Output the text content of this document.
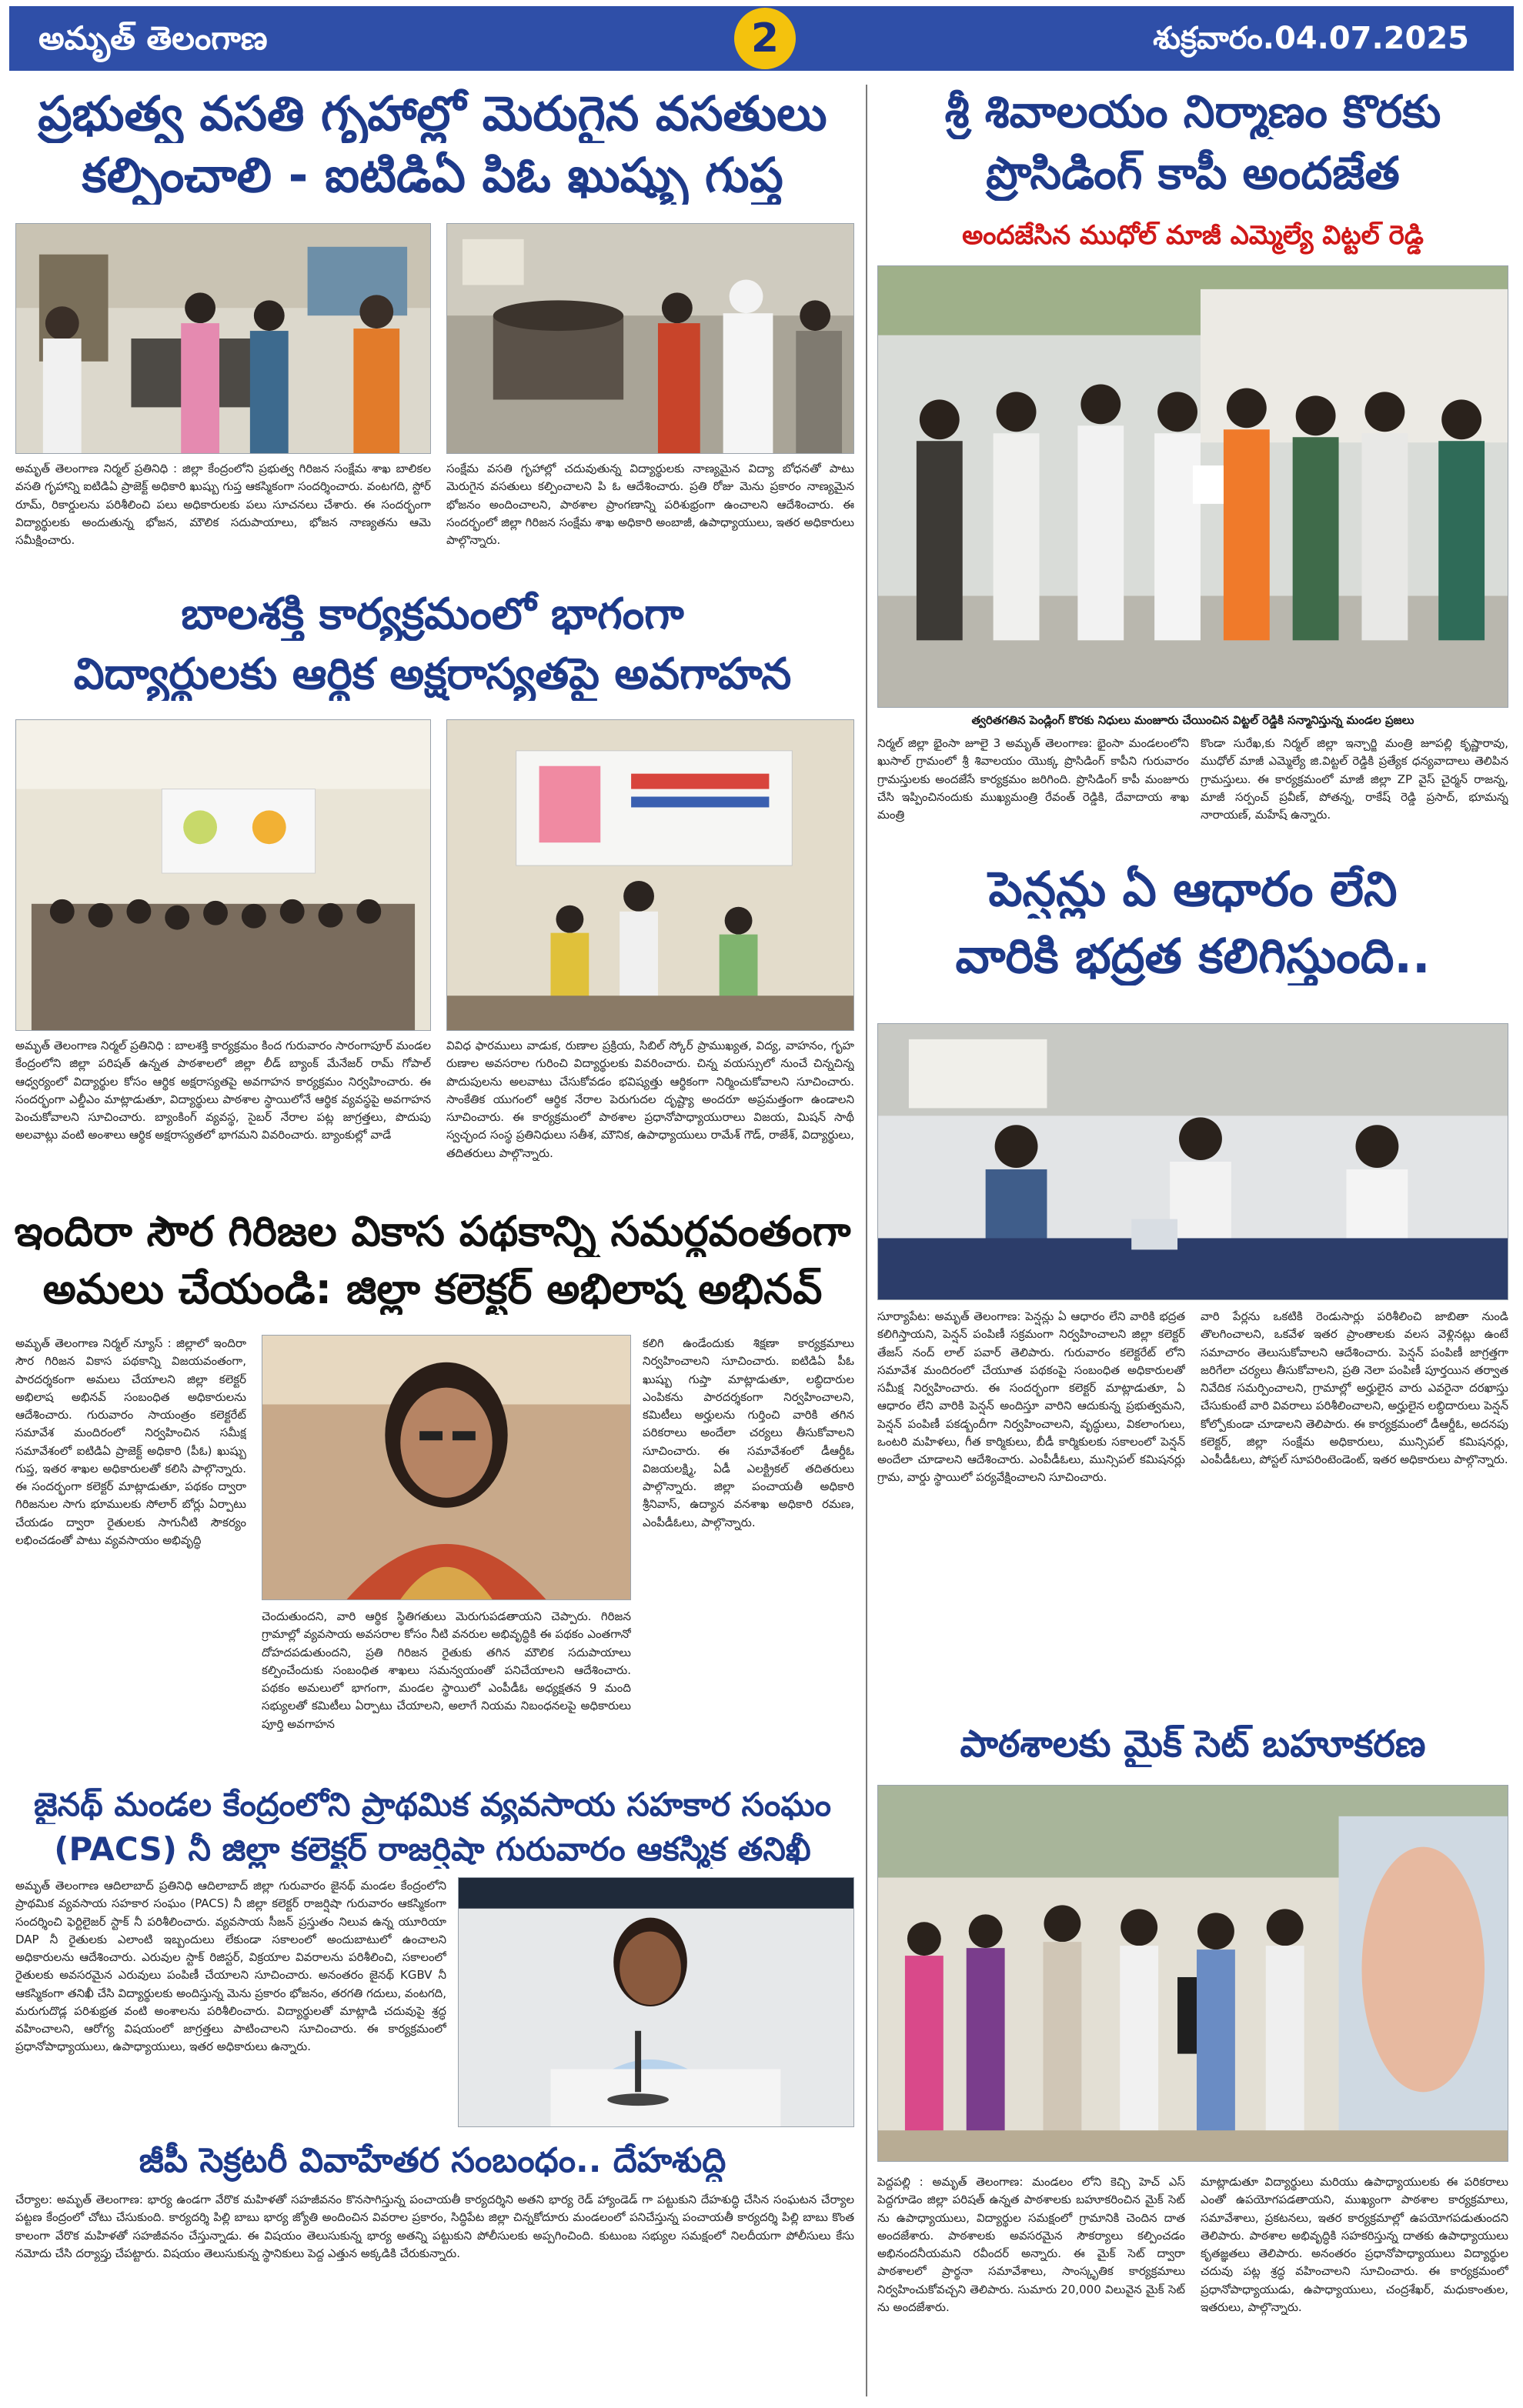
అమృత్ తెలంగాణ	2	శుక్రవారం.04.07.2025
ప్రభుత్వ వసతి గృహాల్లో మెరుగైన వసతులు
కల్పించాలి - ఐటిడిఏ పిఓ ఖుష్బు గుప్త
అమృత్ తెలంగాణ నిర్మల్ ప్రతినిధి : జిల్లా కేంద్రంలోని ప్రభుత్వ గిరిజన సంక్షేమ శాఖ బాలికల వసతి గృహాన్ని ఐటిడిఏ ప్రాజెక్ట్ అధికారి ఖుష్బు గుప్త ఆకస్మికంగా సందర్శించారు. వంటగది, స్టోర్ రూమ్, రికార్డులను పరిశీలించి పలు అధికారులకు పలు సూచనలు చేశారు. ఈ సందర్భంగా విద్యార్థులకు అందుతున్న భోజన, మౌలిక సదుపాయాలు, భోజన నాణ్యతను ఆమె సమీక్షించారు.
సంక్షేమ వసతి గృహాల్లో చదువుతున్న విద్యార్థులకు నాణ్యమైన విద్యా బోధనతో పాటు మెరుగైన వసతులు కల్పించాలని పి ఓ ఆదేశించారు. ప్రతి రోజు మెను ప్రకారం నాణ్యమైన భోజనం అందించాలని, పాఠశాల ప్రాంగణాన్ని పరిశుభ్రంగా ఉంచాలని ఆదేశించారు. ఈ సందర్భంలో జిల్లా గిరిజన సంక్షేమ శాఖ అధికారి అంబాజీ, ఉపాధ్యాయులు, ఇతర అధికారులు పాల్గొన్నారు.
బాలశక్తి కార్యక్రమంలో భాగంగా
విద్యార్థులకు ఆర్థిక అక్షరాస్యతపై అవగాహన
అమృత్ తెలంగాణ నిర్మల్ ప్రతినిధి : బాలశక్తి కార్యక్రమం కింద గురువారం సారంగాపూర్ మండల కేంద్రంలోని జిల్లా పరిషత్ ఉన్నత పాఠశాలలో జిల్లా లీడ్ బ్యాంక్ మేనేజర్ రామ్ గోపాల్ ఆధ్వర్యంలో విద్యార్థుల కోసం ఆర్థిక అక్షరాస్యతపై అవగాహన కార్యక్రమం నిర్వహించారు. ఈ సందర్భంగా ఎల్డీఎం మాట్లాడుతూ, విద్యార్థులు పాఠశాల స్థాయిలోనే ఆర్థిక వ్యవస్థపై అవగాహన పెంచుకోవాలని సూచించారు. బ్యాంకింగ్ వ్యవస్థ, సైబర్ నేరాల పట్ల జాగ్రత్తలు, పొదుపు అలవాట్లు వంటి అంశాలు ఆర్థిక అక్షరాస్యతలో భాగమని వివరించారు. బ్యాంకుల్లో వాడే
వివిధ ఫారములు వాడుక, రుణాల ప్రక్రియ, సిబిల్ స్కోర్ ప్రాముఖ్యత, విద్య, వాహనం, గృహ రుణాల అవసరాల గురించి విద్యార్థులకు వివరించారు. చిన్న వయస్సులో నుంచే చిన్నచిన్న పొదుపులను అలవాటు చేసుకోవడం భవిష్యత్తు ఆర్థికంగా నిర్మించుకోవాలని సూచించారు. సాంకేతిక యుగంలో ఆర్థిక నేరాల పెరుగుదల దృష్ట్యా అందరూ అప్రమత్తంగా ఉండాలని సూచించారు. ఈ కార్యక్రమంలో పాఠశాల ప్రధానోపాధ్యాయురాలు విజయ, మిషన్ సాథీ స్వచ్ఛంద సంస్థ ప్రతినిధులు సతీశ, మౌనిక, ఉపాధ్యాయులు రామేశ్ గౌడ్, రాజేశ్, విద్యార్థులు, తదితరులు పాల్గొన్నారు.
ఇందిరా సౌర గిరిజల వికాస పథకాన్ని సమర్థవంతంగా
అమలు చేయండి: జిల్లా కలెక్టర్ అభిలాష అభినవ్
అమృత్ తెలంగాణ నిర్మల్ న్యూస్ : జిల్లాలో ఇందిరా సౌర గిరిజన వికాస పథకాన్ని విజయవంతంగా, పారదర్శకంగా అమలు చేయాలని జిల్లా కలెక్టర్ అభిలాష అభినవ్ సంబంధిత అధికారులను ఆదేశించారు. గురువారం సాయంత్రం కలెక్టరేట్ సమావేశ మందిరంలో నిర్వహించిన సమీక్ష సమావేశంలో ఐటిడిఏ ప్రాజెక్ట్ అధికారి (పీఓ) ఖుష్బు గుప్త, ఇతర శాఖల అధికారులతో కలిసి పాల్గొన్నారు. ఈ సందర్భంగా కలెక్టర్ మాట్లాడుతూ, పథకం ద్వారా గిరిజనుల సాగు భూములకు సోలార్ బోర్లు ఏర్పాటు చేయడం ద్వారా రైతులకు సాగునీటి సౌకర్యం లభించడంతో పాటు వ్యవసాయం అభివృద్ధి
చెందుతుందని, వారి ఆర్థిక స్థితిగతులు మెరుగుపడతాయని చెప్పారు. గిరిజన గ్రామాల్లో వ్యవసాయ అవసరాల కోసం నీటి వనరుల అభివృద్ధికి ఈ పథకం ఎంతగానో దోహదపడుతుందని, ప్రతి గిరిజన రైతుకు తగిన మౌలిక సదుపాయాలు కల్పించేందుకు సంబంధిత శాఖలు సమన్వయంతో పనిచేయాలని ఆదేశించారు. పథకం అమలులో భాగంగా, మండల స్థాయిలో ఎంపీడీఓ అధ్యక్షతన 9 మంది సభ్యులతో కమిటీలు ఏర్పాటు చేయాలని, అలాగే నియమ నిబంధనలపై అధికారులు పూర్తి అవగాహన
కలిగి ఉండేందుకు శిక్షణా కార్యక్రమాలు నిర్వహించాలని సూచించారు. ఐటిడిఏ పీఓ ఖుష్బు గుప్తా మాట్లాడుతూ, లబ్ధిదారుల ఎంపికను పారదర్శకంగా నిర్వహించాలని, కమిటీలు అర్హులను గుర్తించి వారికి తగిన పరికరాలు అందేలా చర్యలు తీసుకోవాలని సూచించారు. ఈ సమావేశంలో డీఆర్డీఓ విజయలక్ష్మి, ఏడీ ఎలక్ట్రికల్ తదితరులు పాల్గొన్నారు. జిల్లా పంచాయతీ అధికారి శ్రీనివాస్, ఉద్యాన వనశాఖ అధికారి రమణ, ఎంపీడీఓలు, పాల్గొన్నారు.
జైనథ్ మండల కేంద్రంలోని ప్రాథమిక వ్యవసాయ సహకార సంఘం
(PACS) నీ జిల్లా కలెక్టర్ రాజర్షిషా గురువారం ఆకస్మిక తనిఖీ
అమృత్ తెలంగాణ ఆదిలాబాద్ ప్రతినిధి ఆదిలాబాద్ జిల్లా గురువారం జైనథ్ మండల కేంద్రంలోని ప్రాథమిక వ్యవసాయ సహకార సంఘం (PACS) నీ జిల్లా కలెక్టర్ రాజర్షిషా గురువారం ఆకస్మికంగా సందర్శించి ఫెర్టిలైజర్ స్టాక్ నీ పరిశీలించారు. వ్యవసాయ సీజన్ ప్రస్తుతం నిలువ ఉన్న యూరియా DAP నీ రైతులకు ఎలాంటి ఇబ్బందులు లేకుండా సకాలంలో అందుబాటులో ఉంచాలని అధికారులను ఆదేశించారు. ఎరువుల స్టాక్ రిజిస్టర్, విక్రయాల వివరాలను పరిశీలించి, సకాలంలో రైతులకు అవసరమైన ఎరువులు పంపిణీ చేయాలని సూచించారు. అనంతరం జైనథ్ KGBV నీ ఆకస్మికంగా తనిఖీ చేసి విద్యార్థులకు అందిస్తున్న మెను ప్రకారం భోజనం, తరగతి గదులు, వంటగది, మరుగుదొడ్ల పరిశుభ్రత వంటి అంశాలను పరిశీలించారు. విద్యార్థులతో మాట్లాడి చదువుపై శ్రద్ధ వహించాలని, ఆరోగ్య విషయంలో జాగ్రత్తలు పాటించాలని సూచించారు. ఈ కార్యక్రమంలో ప్రధానోపాధ్యాయులు, ఉపాధ్యాయులు, ఇతర అధికారులు ఉన్నారు.
జీపీ సెక్రటరీ వివాహేతర సంబంధం.. దేహశుద్ధి
చేర్యాల: అమృత్ తెలంగాణ: భార్య ఉండగా వేరొక మహిళతో సహజీవనం కొనసాగిస్తున్న పంచాయతీ కార్యదర్శిని అతని భార్య రెడ్ హ్యాండెడ్ గా పట్టుకుని దేహశుద్ధి చేసిన సంఘటన చేర్యాల పట్టణ కేంద్రంలో చోటు చేసుకుంది. కార్యదర్శి పిల్లి బాబు భార్య జ్యోతి అందించిన వివరాల ప్రకారం, సిద్ధిపేట జిల్లా చిన్నకోదూరు మండలంలో పనిచేస్తున్న పంచాయతీ కార్యదర్శి పిల్లి బాబు కొంత కాలంగా వేరొక మహిళతో సహజీవనం చేస్తున్నాడు. ఈ విషయం తెలుసుకున్న భార్య అతన్ని పట్టుకుని పోలీసులకు అప్పగించింది. కుటుంబ సభ్యుల సమక్షంలో నిలదీయగా పోలీసులు కేసు నమోదు చేసి దర్యాప్తు చేపట్టారు. విషయం తెలుసుకున్న స్థానికులు పెద్ద ఎత్తున అక్కడికి చేరుకున్నారు.
శ్రీ శివాలయం నిర్మాణం కొరకు
ప్రొసిడింగ్ కాపీ అందజేత
అందజేసిన ముధోల్ మాజీ ఎమ్మెల్యే విట్టల్ రెడ్డి
త్వరితగతిన పెండ్లింగ్ కొరకు నిధులు మంజూరు చేయించిన విట్టల్ రెడ్డికి సన్మానిస్తున్న మండల ప్రజలు
నిర్మల్ జిల్లా భైంసా జూలై 3 అమృత్ తెలంగాణ: భైంసా మండలంలోని ఖుసాల్ గ్రామంలో శ్రీ శివాలయం యొక్క ప్రొసిడింగ్ కాపీని గురువారం గ్రామస్తులకు అందజేసే కార్యక్రమం జరిగింది. ప్రొసిడింగ్ కాపీ మంజూరు చేసి ఇప్పించినందుకు ముఖ్యమంత్రి రేవంత్ రెడ్డికి, దేవాదాయ శాఖ మంత్రి
కొండా సురేఖ,కు నిర్మల్ జిల్లా ఇన్చార్జి మంత్రి జూపల్లి కృష్ణారావు, ముధోల్ మాజీ ఎమ్మెల్యే జి.విట్టల్ రెడ్డికి ప్రత్యేక ధన్యవాదాలు తెలిపిన గ్రామస్తులు. ఈ కార్యక్రమంలో మాజీ జిల్లా ZP వైస్ చైర్మన్ రాజన్న, మాజీ సర్పంచ్ ప్రవీణ్, పోతన్న, రాకేష్ రెడ్డి ప్రసాద్, భూమన్న నారాయణ్, మహేష్ ఉన్నారు.
పెన్షన్లు ఏ ఆధారం లేని
వారికి భద్రత కలిగిస్తుంది..
సూర్యాపేట: అమృత్ తెలంగాణ: పెన్షన్లు ఏ ఆధారం లేని వారికి భద్రత కలిగిస్తాయని, పెన్షన్ పంపిణీ సక్రమంగా నిర్వహించాలని జిల్లా కలెక్టర్ తేజస్ నంద్ లాల్ పవార్ తెలిపారు. గురువారం కలెక్టరేట్ లోని సమావేశ మందిరంలో చేయూత పథకంపై సంబంధిత అధికారులతో సమీక్ష నిర్వహించారు. ఈ సందర్భంగా కలెక్టర్ మాట్లాడుతూ, ఏ ఆధారం లేని వారికి పెన్షన్ అందిస్తూ వారిని ఆదుకున్న ప్రభుత్వమని, పెన్షన్ పంపిణీ పకడ్బందీగా నిర్వహించాలని, వృద్ధులు, వికలాంగులు, ఒంటరి మహిళలు, గీత కార్మికులు, బీడీ కార్మికులకు సకాలంలో పెన్షన్ అందేలా చూడాలని ఆదేశించారు. ఎంపీడీఓలు, మున్సిపల్ కమిషనర్లు గ్రామ, వార్డు స్థాయిలో పర్యవేక్షించాలని సూచించారు.
వారి పేర్లను ఒకటికి రెండుసార్లు పరిశీలించి జాబితా నుండి తొలగించాలని, ఒకవేళ ఇతర ప్రాంతాలకు వలస వెళ్లినట్లు ఉంటే సమాచారం తెలుసుకోవాలని ఆదేశించారు. పెన్షన్ పంపిణీ జాగ్రత్తగా జరిగేలా చర్యలు తీసుకోవాలని, ప్రతి నెలా పంపిణీ పూర్తయిన తర్వాత నివేదిక సమర్పించాలని, గ్రామాల్లో అర్హులైన వారు ఎవరైనా దరఖాస్తు చేసుకుంటే వారి వివరాలు పరిశీలించాలని, అర్హులైన లబ్ధిదారులు పెన్షన్ కోల్పోకుండా చూడాలని తెలిపారు. ఈ కార్యక్రమంలో డీఆర్డీఓ, అదనపు కలెక్టర్, జిల్లా సంక్షేమ అధికారులు, మున్సిపల్ కమిషనర్లు, ఎంపీడీఓలు, పోస్టల్ సూపరింటెండెంట్, ఇతర అధికారులు పాల్గొన్నారు.
పాఠశాలకు మైక్ సెట్ బహూకరణ
పెద్దపల్లి : అమృత్ తెలంగాణ: మండలం లోని కెచ్చి హెచ్ ఎస్ పెద్దగూడెం జిల్లా పరిషత్ ఉన్నత పాఠశాలకు బహూకరించిన మైక్ సెట్ ను ఉపాధ్యాయులు, విద్యార్థుల సమక్షంలో గ్రామానికి చెందిన దాత అందజేశారు. పాఠశాలకు అవసరమైన సౌకర్యాలు కల్పించడం అభినందనీయమని రవీందర్ అన్నారు. ఈ మైక్ సెట్ ద్వారా పాఠశాలలో ప్రార్థనా సమావేశాలు, సాంస్కృతిక కార్యక్రమాలు నిర్వహించుకోవచ్చని తెలిపారు. సుమారు 20,000 విలువైన మైక్ సెట్ ను అందజేశారు.
మాట్లాడుతూ విద్యార్థులు మరియు ఉపాధ్యాయులకు ఈ పరికరాలు ఎంతో ఉపయోగపడతాయని, ముఖ్యంగా పాఠశాల కార్యక్రమాలు, సమావేశాలు, ప్రకటనలు, ఇతర కార్యక్రమాల్లో ఉపయోగపడుతుందని తెలిపారు. పాఠశాల అభివృద్ధికి సహకరిస్తున్న దాతకు ఉపాధ్యాయులు కృతజ్ఞతలు తెలిపారు. అనంతరం ప్రధానోపాధ్యాయులు విద్యార్థుల చదువు పట్ల శ్రద్ధ వహించాలని సూచించారు. ఈ కార్యక్రమంలో ప్రధానోపాధ్యాయుడు, ఉపాధ్యాయులు, చంద్రశేఖర్, మధుకాంతుల, ఇతరులు, పాల్గొన్నారు.
